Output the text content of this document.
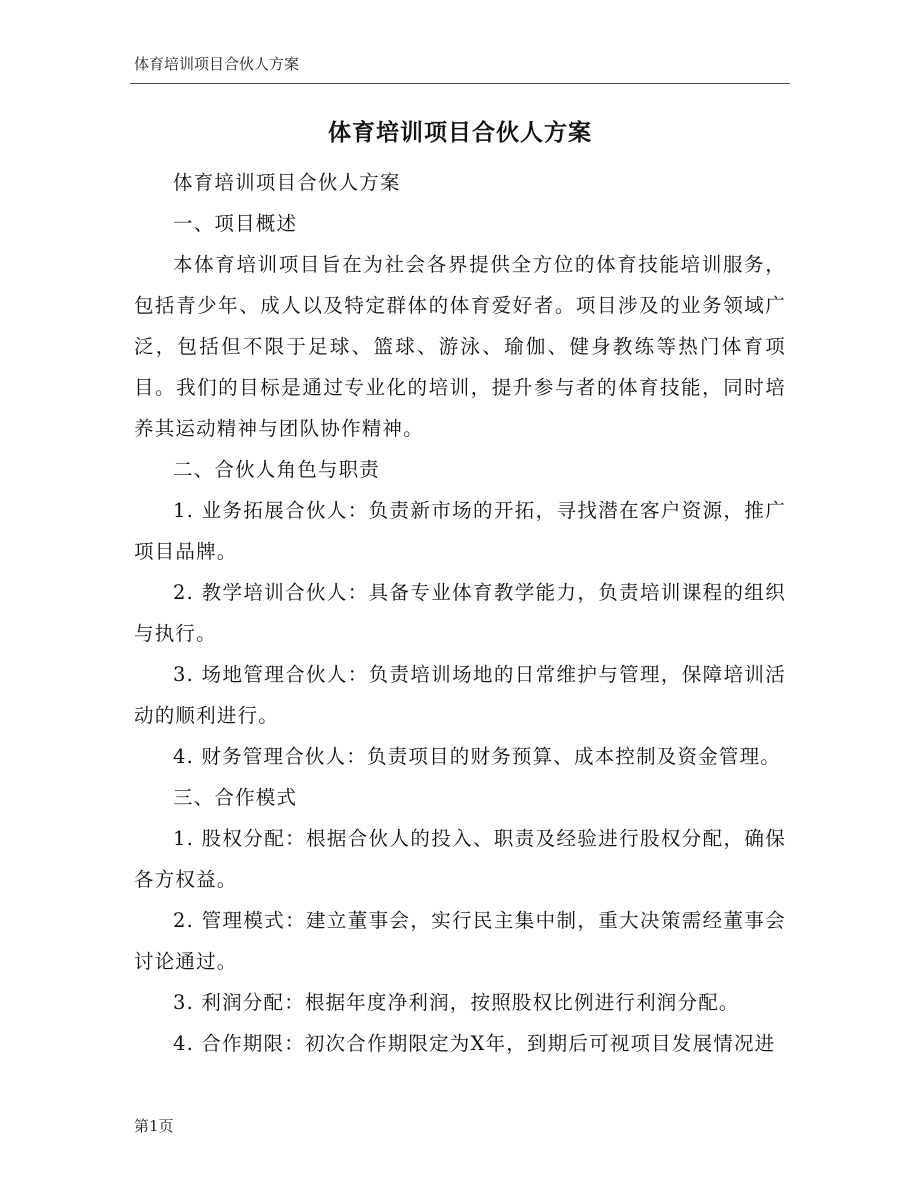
体育培训项目合伙人方案
体育培训项目合伙人方案

体育培训项目合伙人方案

一、项目概述

本体育培训项目旨在为社会各界提供全方位的体育技能培训服务，包括青少年、成人以及特定群体的体育爱好者。项目涉及的业务领域广泛，包括但不限于足球、篮球、游泳、瑜伽、健身教练等热门体育项目。我们的目标是通过专业化的培训，提升参与者的体育技能，同时培养其运动精神与团队协作精神。

二、合伙人角色与职责

1. 业务拓展合伙人：负责新市场的开拓，寻找潜在客户资源，推广项目品牌。

2. 教学培训合伙人：具备专业体育教学能力，负责培训课程的组织与执行。

3. 场地管理合伙人：负责培训场地的日常维护与管理，保障培训活动的顺利进行。

4. 财务管理合伙人：负责项目的财务预算、成本控制及资金管理。

三、合作模式

1. 股权分配：根据合伙人的投入、职责及经验进行股权分配，确保各方权益。

2. 管理模式：建立董事会，实行民主集中制，重大决策需经董事会讨论通过。

3. 利润分配：根据年度净利润，按照股权比例进行利润分配。

4. 合作期限：初次合作期限定为X年，到期后可视项目发展情况进

第1页
